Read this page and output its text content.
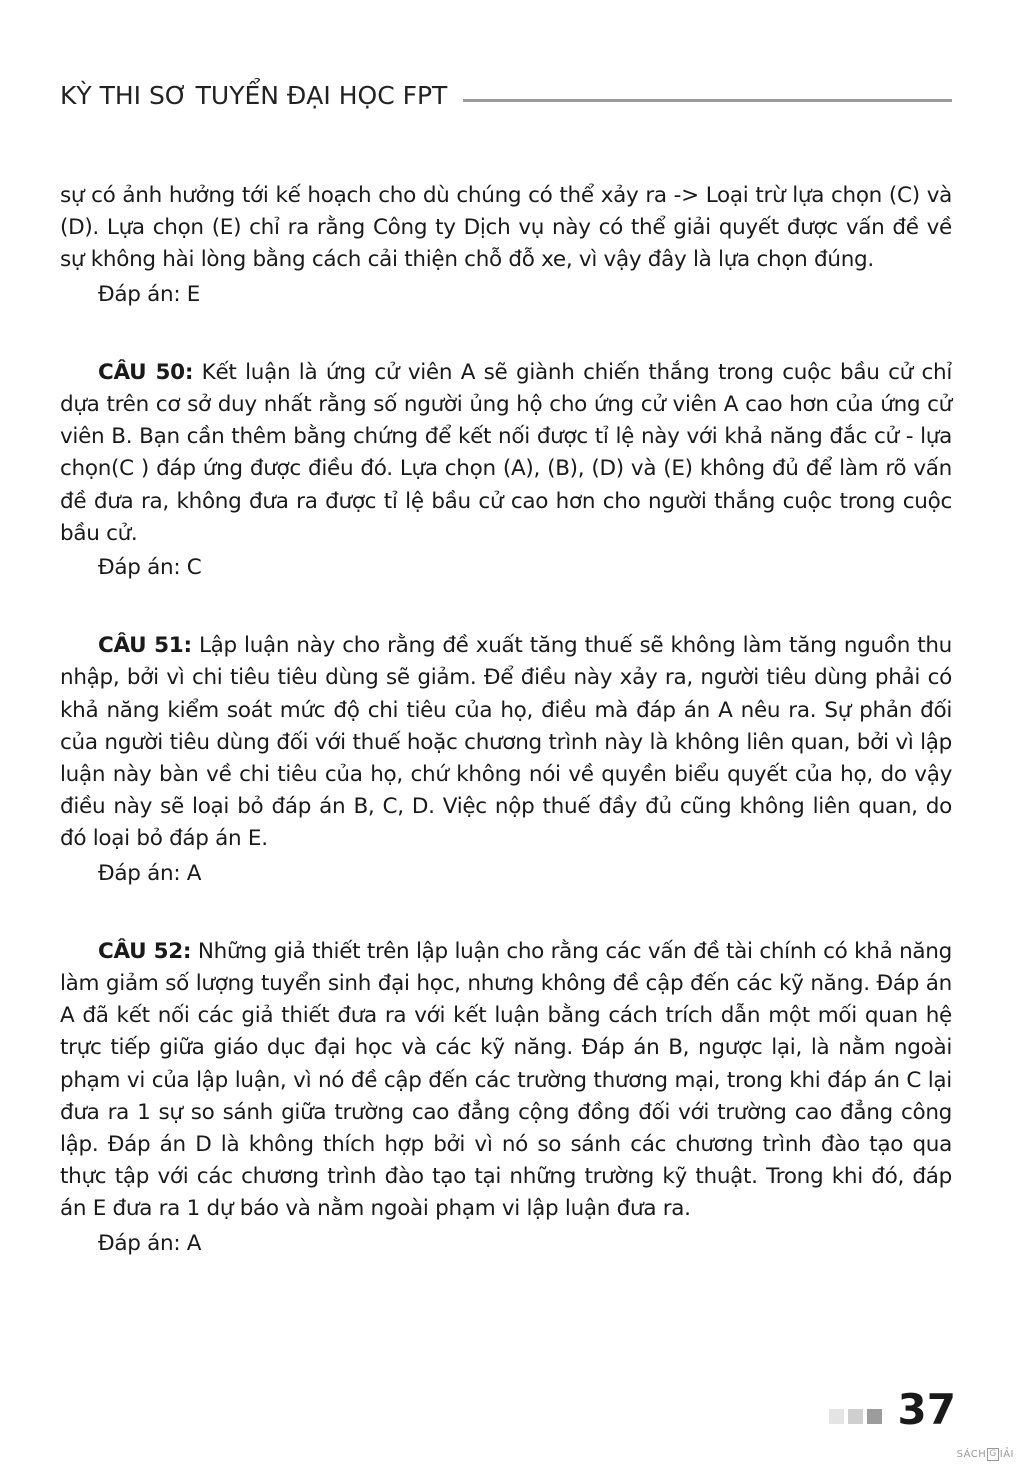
KỲ THI SƠ TUYỂN ĐẠI HỌC FPT

sự có ảnh hưởng tới kế hoạch cho dù chúng có thể xảy ra -> Loại trừ lựa chọn (C) và (D). Lựa chọn (E) chỉ ra rằng Công ty Dịch vụ này có thể giải quyết được vấn đề về sự không hài lòng bằng cách cải thiện chỗ đỗ xe, vì vậy đây là lựa chọn đúng.

Đáp án: E

CÂU 50: Kết luận là ứng cử viên A sẽ giành chiến thắng trong cuộc bầu cử chỉ dựa trên cơ sở duy nhất rằng số người ủng hộ cho ứng cử viên A cao hơn của ứng cử viên B. Bạn cần thêm bằng chứng để kết nối được tỉ lệ này với khả năng đắc cử - lựa chọn(C ) đáp ứng được điều đó. Lựa chọn (A), (B), (D) và (E) không đủ để làm rõ vấn đề đưa ra, không đưa ra được tỉ lệ bầu cử cao hơn cho người thắng cuộc trong cuộc bầu cử.

Đáp án: C

CÂU 51: Lập luận này cho rằng đề xuất tăng thuế sẽ không làm tăng nguồn thu nhập, bởi vì chi tiêu tiêu dùng sẽ giảm. Để điều này xảy ra, người tiêu dùng phải có khả năng kiểm soát mức độ chi tiêu của họ, điều mà đáp án A nêu ra. Sự phản đối của người tiêu dùng đối với thuế hoặc chương trình này là không liên quan, bởi vì lập luận này bàn về chi tiêu của họ, chứ không nói về quyền biểu quyết của họ, do vậy điều này sẽ loại bỏ đáp án B, C, D. Việc nộp thuế đầy đủ cũng không liên quan, do đó loại bỏ đáp án E.

Đáp án: A

CÂU 52: Những giả thiết trên lập luận cho rằng các vấn đề tài chính có khả năng làm giảm số lượng tuyển sinh đại học, nhưng không đề cập đến các kỹ năng. Đáp án A đã kết nối các giả thiết đưa ra với kết luận bằng cách trích dẫn một mối quan hệ trực tiếp giữa giáo dục đại học và các kỹ năng. Đáp án B, ngược lại, là nằm ngoài phạm vi của lập luận, vì nó đề cập đến các trường thương mại, trong khi đáp án C lại đưa ra 1 sự so sánh giữa trường cao đẳng cộng đồng đối với trường cao đẳng công lập. Đáp án D là không thích hợp bởi vì nó so sánh các chương trình đào tạo qua thực tập với các chương trình đào tạo tại những trường kỹ thuật. Trong khi đó, đáp án E đưa ra 1 dự báo và nằm ngoài phạm vi lập luận đưa ra.

Đáp án: A

37
SÁCH G IẢI
